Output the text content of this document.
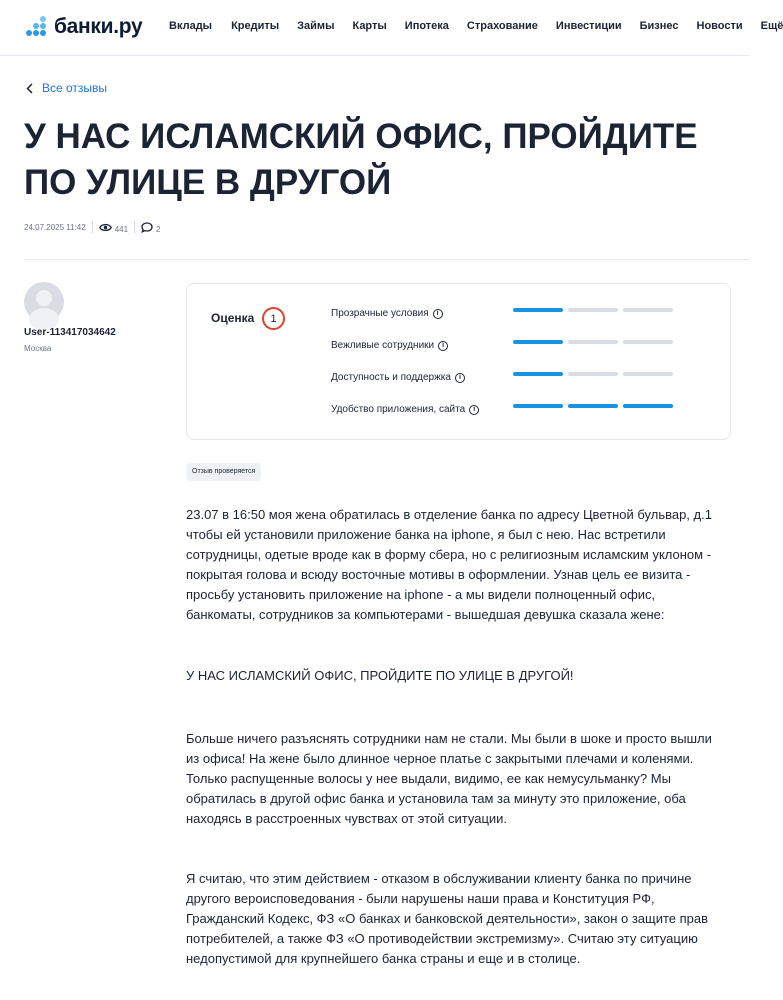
банки.ру Вклады Кредиты Займы Карты Ипотека Страхование Инвестиции Бизнес Новости Ещё
Все отзывы
У НАС ИСЛАМСКИЙ ОФИС, ПРОЙДИТЕ ПО УЛИЦЕ В ДРУГОЙ
24.07.2025 11:42	441	2
User-113417034642
Москва
Оценка	1	Прозрачные условия	i
Вежливые сотрудники	i
Доступность и поддержка	i
Удобство приложения, сайта	i
Отзыв проверяется

23.07 в 16:50 моя жена обратилась в отделение банка по адресу Цветной бульвар, д.1 чтобы ей установили приложение банка на iphone, я был с нею. Нас встретили сотрудницы, одетые вроде как в форму сбера, но с религиозным исламским уклоном - покрытая голова и всюду восточные мотивы в оформлении. Узнав цель ее визита - просьбу установить приложение на iphone - а мы видели полноценный офис, банкоматы, сотрудников за компьютерами - вышедшая девушка сказала жене:

У НАС ИСЛАМСКИЙ ОФИС, ПРОЙДИТЕ ПО УЛИЦЕ В ДРУГОЙ!

Больше ничего разъяснять сотрудники нам не стали. Мы были в шоке и просто вышли из офиса! На жене было длинное черное платье с закрытыми плечами и коленями. Только распущенные волосы у нее выдали, видимо, ее как немусульманку? Мы обратилась в другой офис банка и установила там за минуту это приложение, оба находясь в расстроенных чувствах от этой ситуации.

Я считаю, что этим действием - отказом в обслуживании клиенту банка по причине другого вероисповедования - были нарушены наши права и Конституция РФ, Гражданский Кодекс, ФЗ «О банках и банковской деятельности», закон о защите прав потребителей, а также ФЗ «О противодействии экстремизму». Считаю эту ситуацию недопустимой для крупнейшего банка страны и еще и в столице.
